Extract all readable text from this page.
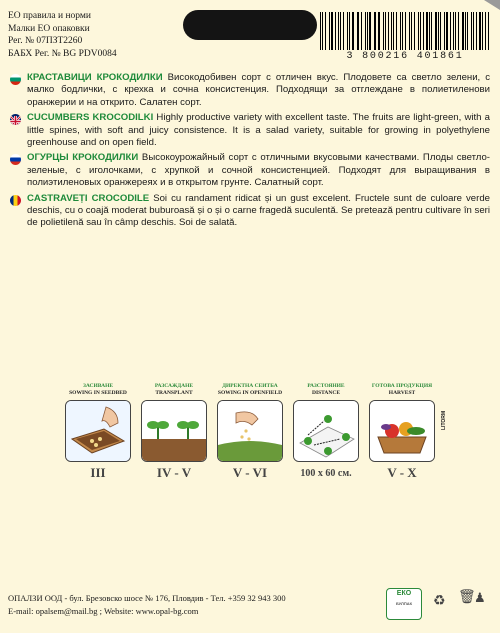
ЕО правила и норми
Малки ЕО опаковки
Рег. № 07ПЗТ2260
БАБХ Рег. № BG PDV0084	3 800216 401861
КРАСТАВИЦИ КРОКОДИЛКИ Високодобивен сорт с отличен вкус. Плодовете са светло зелени, с малко бодлички, с крехка и сочна консистенция. Подходящи за отглеждане в полиетиленови оранжерии и на открито. Салатен сорт.
CUCUMBERS KROCODILKI Highly productive variety with excellent taste. The fruits are light-green, with a little spines, with soft and juicy consistence. It is a salad variety, suitable for growing in polyethylene greenhouse and on open field.
ОГУРЦЫ КРОКОДИЛКИ Высокоурожайный сорт с отличными вкусовыми качествами. Плоды светло-зеленые, с иголочками, с хрупкой и сочной консистенцией. Подходят для выращивания в полиэтиленовых оранжереях и в открытом грунте. Салатный сорт.
CASTRAVEȚI CROCODILE Soi cu randament ridicat și un gust excelent. Fructele sunt de culoare verde deschis, cu o coajă moderat buburoasă și o și o carne fragedă suculentă. Se pretează pentru cultivare în seri de polietilenă sau în câmp deschis. Soi de salată.
ЗАСИВАНЕ
SOWING IN SEEDBED
III
РАЗСАЖДАНЕ
TRANSPLANT
IV - V
ДИРЕКТНА СЕИТБА
SOWING IN OPENFIELD
V - VI
РАЗСТОЯНИЕ
DISTANCE
100 x 60 см.
ГОТОВА ПРОДУКЦИЯ
HARVEST
V - X
LITORM
ОПАЛЗИ ООД - бул. Брезовско шосе № 176, Пловдив - Тел. +359 32 943 300
E-mail: opalsem@mail.bg ; Website: www.opal-bg.com
ЕКО
БУЛПАК	♻ 🗑
♟
